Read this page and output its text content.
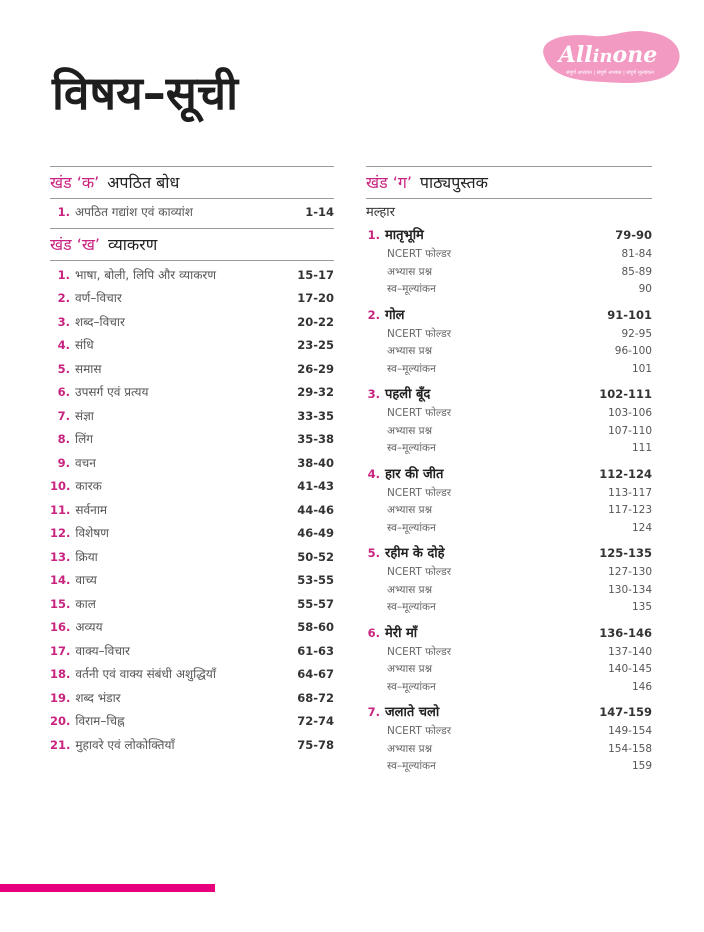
Allinone
संपूर्ण अध्ययन | संपूर्ण अभ्यास | संपूर्ण मूल्यांकन
विषय–सूची
खंड ‘क’ अपठित बोध
1. अपठित गद्यांश एवं काव्यांश	1-14
खंड ‘ख’ व्याकरण
1. भाषा, बोली, लिपि और व्याकरण	15-17
2. वर्ण–विचार	17-20
3. शब्द–विचार	20-22
4. संधि	23-25
5. समास	26-29
6. उपसर्ग एवं प्रत्यय	29-32
7. संज्ञा	33-35
8. लिंग	35-38
9. वचन	38-40
10. कारक	41-43
11. सर्वनाम	44-46
12. विशेषण	46-49
13. क्रिया	50-52
14. वाच्य	53-55
15. काल	55-57
16. अव्यय	58-60
17. वाक्य–विचार	61-63
18. वर्तनी एवं वाक्य संबंधी अशुद्धियाँ	64-67
19. शब्द भंडार	68-72
20. विराम–चिह्न	72-74
21. मुहावरे एवं लोकोक्तियाँ	75-78
खंड ‘ग’ पाठ्यपुस्तक
मल्हार
1. मातृभूमि	79-90
NCERT फोल्डर	81-84
अभ्यास प्रश्न	85-89
स्व–मूल्यांकन	90
2. गोल	91-101
NCERT फोल्डर	92-95
अभ्यास प्रश्न	96-100
स्व–मूल्यांकन	101
3. पहली बूँद	102-111
NCERT फोल्डर	103-106
अभ्यास प्रश्न	107-110
स्व–मूल्यांकन	111
4. हार की जीत	112-124
NCERT फोल्डर	113-117
अभ्यास प्रश्न	117-123
स्व–मूल्यांकन	124
5. रहीम के दोहे	125-135
NCERT फोल्डर	127-130
अभ्यास प्रश्न	130-134
स्व–मूल्यांकन	135
6. मेरी माँ	136-146
NCERT फोल्डर	137-140
अभ्यास प्रश्न	140-145
स्व–मूल्यांकन	146
7. जलाते चलो	147-159
NCERT फोल्डर	149-154
अभ्यास प्रश्न	154-158
स्व–मूल्यांकन	159
